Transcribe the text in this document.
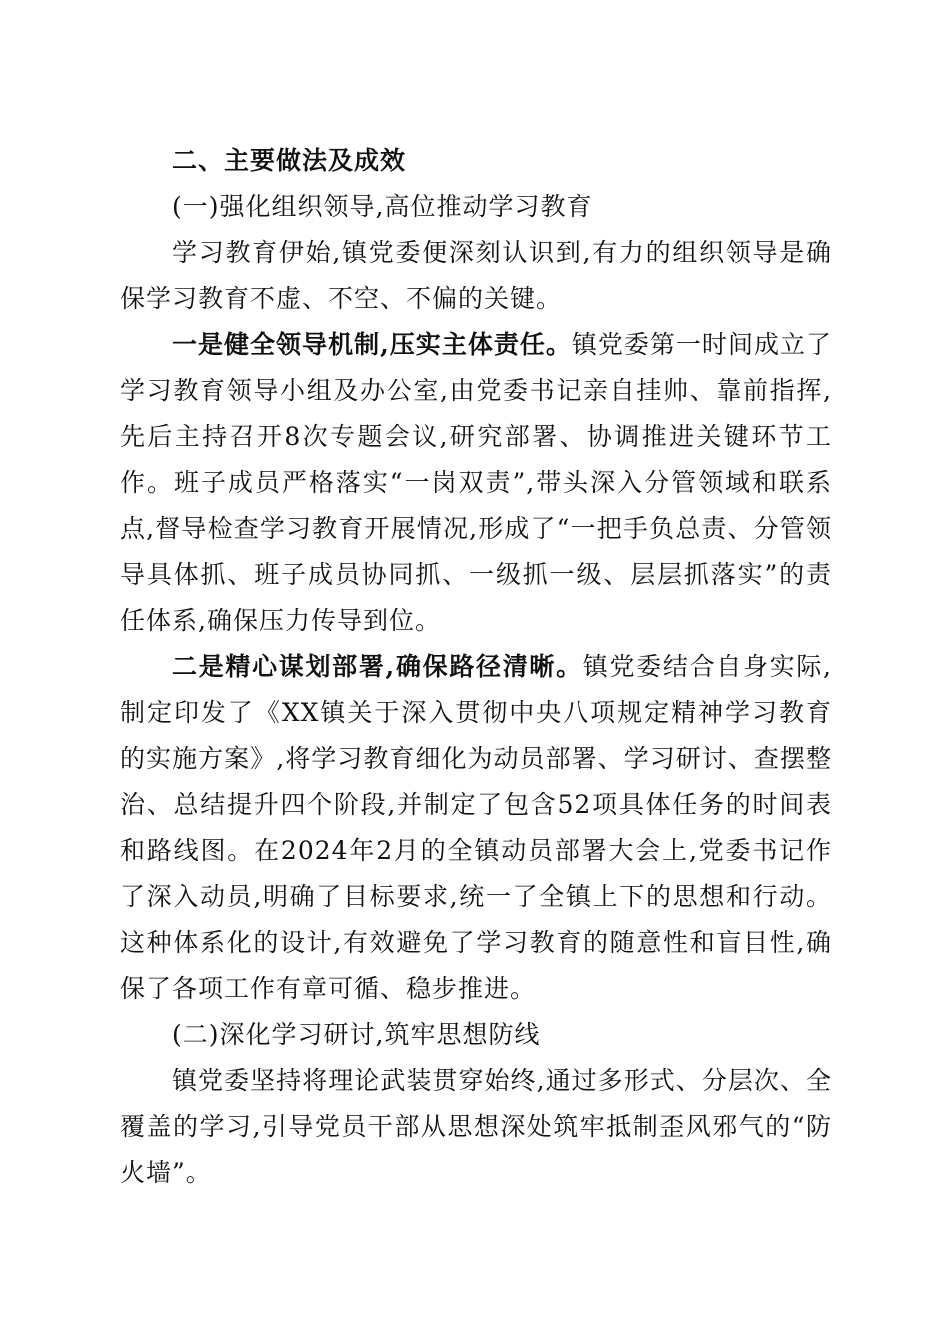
二、主要做法及成效

(一)强化组织领导,高位推动学习教育

学习教育伊始,镇党委便深刻认识到,有力的组织领导是确保学习教育不虚、不空、不偏的关键。

一是健全领导机制,压实主体责任。镇党委第一时间成立了学习教育领导小组及办公室,由党委书记亲自挂帅、靠前指挥,先后主持召开8次专题会议,研究部署、协调推进关键环节工作。班子成员严格落实“一岗双责”,带头深入分管领域和联系点,督导检查学习教育开展情况,形成了“一把手负总责、分管领导具体抓、班子成员协同抓、一级抓一级、层层抓落实”的责任体系,确保压力传导到位。

二是精心谋划部署,确保路径清晰。镇党委结合自身实际,制定印发了《XX镇关于深入贯彻中央八项规定精神学习教育的实施方案》,将学习教育细化为动员部署、学习研讨、查摆整治、总结提升四个阶段,并制定了包含52项具体任务的时间表和路线图。在2024年2月的全镇动员部署大会上,党委书记作了深入动员,明确了目标要求,统一了全镇上下的思想和行动。这种体系化的设计,有效避免了学习教育的随意性和盲目性,确保了各项工作有章可循、稳步推进。

(二)深化学习研讨,筑牢思想防线

镇党委坚持将理论武装贯穿始终,通过多形式、分层次、全覆盖的学习,引导党员干部从思想深处筑牢抵制歪风邪气的“防火墙”。
